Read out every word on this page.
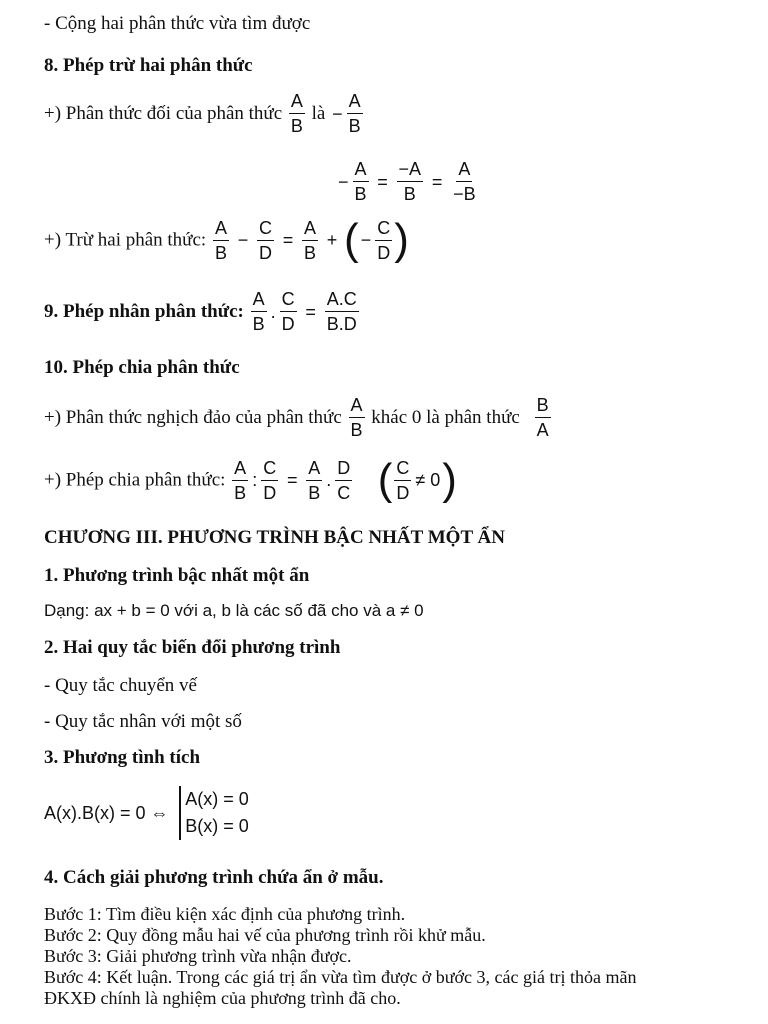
- Cộng hai phân thức vừa tìm được
8. Phép trừ hai phân thức
+) Phân thức đối của phân thức $\frac{A}{B}$ là − $\frac{A}{B}$
− $\frac{A}{B} = \frac{-A}{B} = \frac{A}{-B}$
+) Trừ hai phân thức: $\frac{A}{B} - \frac{C}{D} = \frac{A}{B}$ + ( − $\frac{C}{D}$ )
9. Phép nhân phân thức: $\frac{A}{B}$ . $\frac{C}{D} = \frac{A.C}{B.D}$
10. Phép chia phân thức
+) Phân thức nghịch đảo của phân thức $\frac{A}{B}$ khác 0 là phân thức $\frac{B}{A}$
+) Phép chia phân thức: $\frac{A}{B}$ : $\frac{C}{D} = \frac{A}{B}$ . $\frac{D}{C}$ ( $\frac{C}{D} \ne 0$)
CHƯƠNG III. PHƯƠNG TRÌNH BẬC NHẤT MỘT ẨN
1. Phương trình bậc nhất một ẩn
Dạng: ax + b = 0 với a, b là các số đã cho và a ≠ 0
2. Hai quy tắc biến đổi phương trình
- Quy tắc chuyển vế
- Quy tắc nhân với một số
3. Phương tình tích
A(x).B(x) = 0 ⇔
A(x) = 0
B(x) = 0
4. Cách giải phương trình chứa ẩn ở mẫu.
Bước 1: Tìm điều kiện xác định của phương trình.
Bước 2: Quy đồng mẫu hai vế của phương trình rồi khử mẫu.
Bước 3: Giải phương trình vừa nhận được.
Bước 4: Kết luận. Trong các giá trị ẩn vừa tìm được ở bước 3, các giá trị thỏa mãn
ĐKXĐ chính là nghiệm của phương trình đã cho.
